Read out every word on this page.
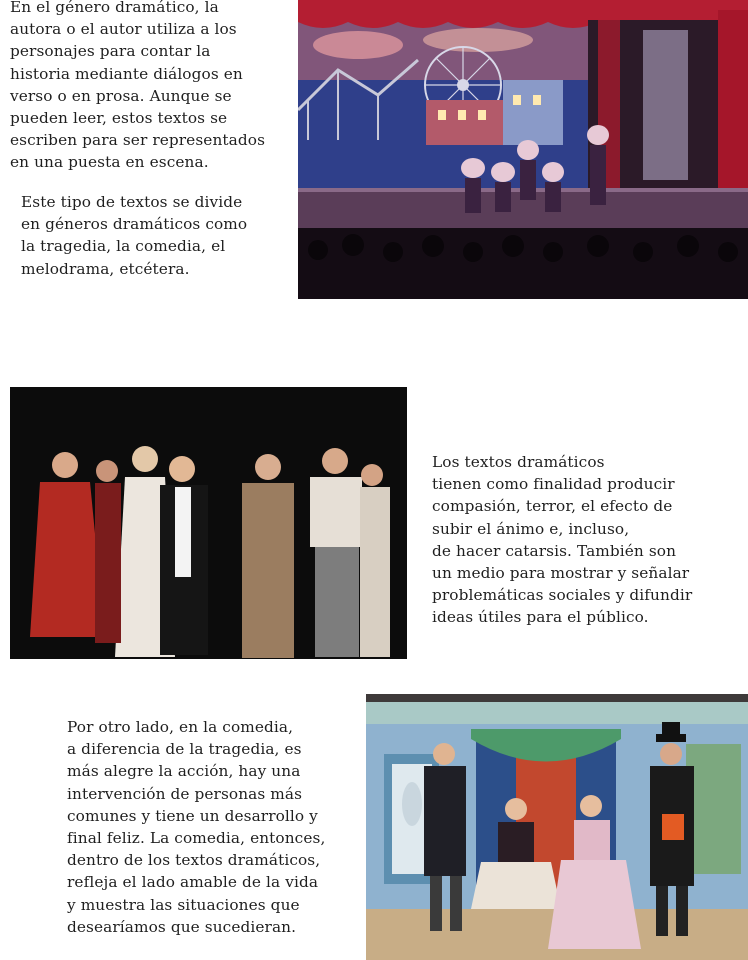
En el género dramático, la
autora o el autor utiliza a los
personajes para contar la
historia mediante diálogos en
verso o en prosa. Aunque se
pueden leer, estos textos se
escriben para ser representados
en una puesta en escena.
Este tipo de textos se divide
en géneros dramáticos como
la tragedia, la comedia, el
melodrama, etcétera.
Los textos dramáticos
tienen como finalidad producir
compasión, terror, el efecto de
subir el ánimo e, incluso,
de hacer catarsis. También son
un medio para mostrar y señalar
problemáticas sociales y difundir
ideas útiles para el público.
Por otro lado, en la comedia,
a diferencia de la tragedia, es
más alegre la acción, hay una
intervención de personas más
comunes y tiene un desarrollo y
final feliz. La comedia, entonces,
dentro de los textos dramáticos,
refleja el lado amable de la vida
y muestra las situaciones que
desearíamos que sucedieran.
